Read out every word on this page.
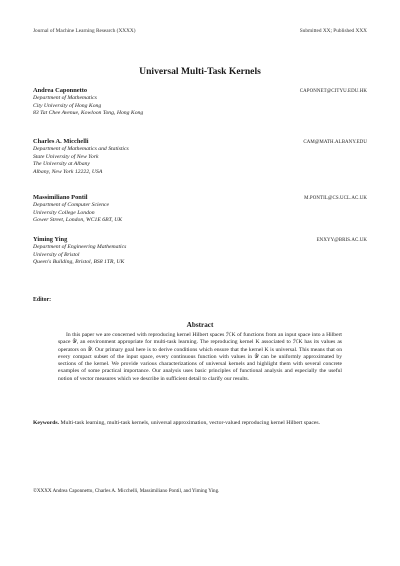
Journal of Machine Learning Research (XXXX)	Submitted XX; Published XXX
Universal Multi-Task Kernels
Andrea Caponnetto	CAPONNET@CITYU.EDU.HK
Department of Mathematics
City University of Hong Kong
83 Tat Chee Avenue, Kowloon Tong, Hong Kong
Charles A. Micchelli	CAM@MATH.ALBANY.EDU
Department of Mathematics and Statistics
State University of New York
The University at Albany
Albany, New York 12222, USA
Massimiliano Pontil	M.PONTIL@CS.UCL.AC.UK
Department of Computer Science
University College London
Gower Street, London, WC1E 6BT, UK
Yiming Ying	ENXYY@BRIS.AC.UK
Department of Engineering Mathematics
University of Bristol
Queen's Building, Bristol, BS8 1TR, UK
Editor:
Abstract
In this paper we are concerned with reproducing kernel Hilbert spaces ℋK of functions from an input space into a Hilbert space 𝒴, an environment appropriate for multi-task learning. The reproducing kernel K associated to ℋK has its values as operators on 𝒴. Our primary goal here is to derive conditions which ensure that the kernel K is universal. This means that on every compact subset of the input space, every continuous function with values in 𝒴 can be uniformly approximated by sections of the kernel. We provide various characterizations of universal kernels and highlight them with several concrete examples of some practical importance. Our analysis uses basic principles of functional analysis and especially the useful notion of vector measures which we describe in sufficient detail to clarify our results.
Keywords. Multi-task learning, multi-task kernels, universal approximation, vector-valued reproducing kernel Hilbert spaces.
©XXXX Andrea Caponnetto, Charles A. Micchelli, Massimiliano Pontil, and Yiming Ying.
